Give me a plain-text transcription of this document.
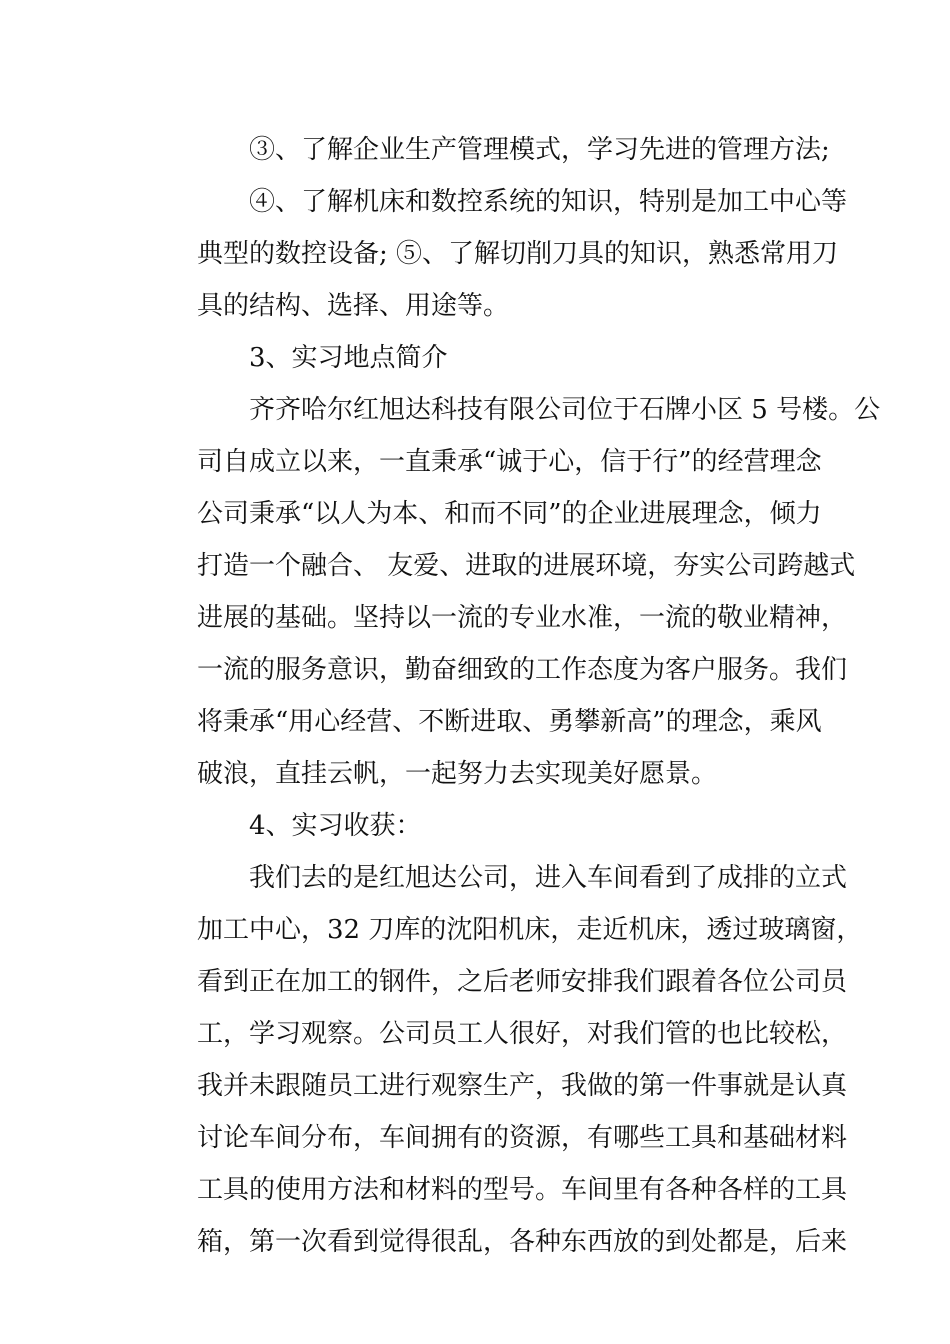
③、了解企业生产管理模式，学习先进的管理方法;
④、了解机床和数控系统的知识，特别是加工中心等
典型的数控设备; ⑤、了解切削刀具的知识，熟悉常用刀
具的结构、选择、用途等。
3、实习地点简介
齐齐哈尔红旭达科技有限公司位于石牌小区 5 号楼。公
司自成立以来，一直秉承“诚于心，信于行”的经营理念
公司秉承“以人为本、和而不同”的企业进展理念，倾力
打造一个融合、 友爱、进取的进展环境，夯实公司跨越式
进展的基础。坚持以一流的专业水准，一流的敬业精神，
一流的服务意识，勤奋细致的工作态度为客户服务。我们
将秉承“用心经营、不断进取、勇攀新高”的理念，乘风
破浪，直挂云帆，一起努力去实现美好愿景。
4、实习收获：
我们去的是红旭达公司，进入车间看到了成排的立式
加工中心，32 刀库的沈阳机床，走近机床，透过玻璃窗，
看到正在加工的钢件，之后老师安排我们跟着各位公司员
工，学习观察。公司员工人很好，对我们管的也比较松，
我并未跟随员工进行观察生产，我做的第一件事就是认真
讨论车间分布，车间拥有的资源，有哪些工具和基础材料
工具的使用方法和材料的型号。车间里有各种各样的工具
箱，第一次看到觉得很乱，各种东西放的到处都是，后来
